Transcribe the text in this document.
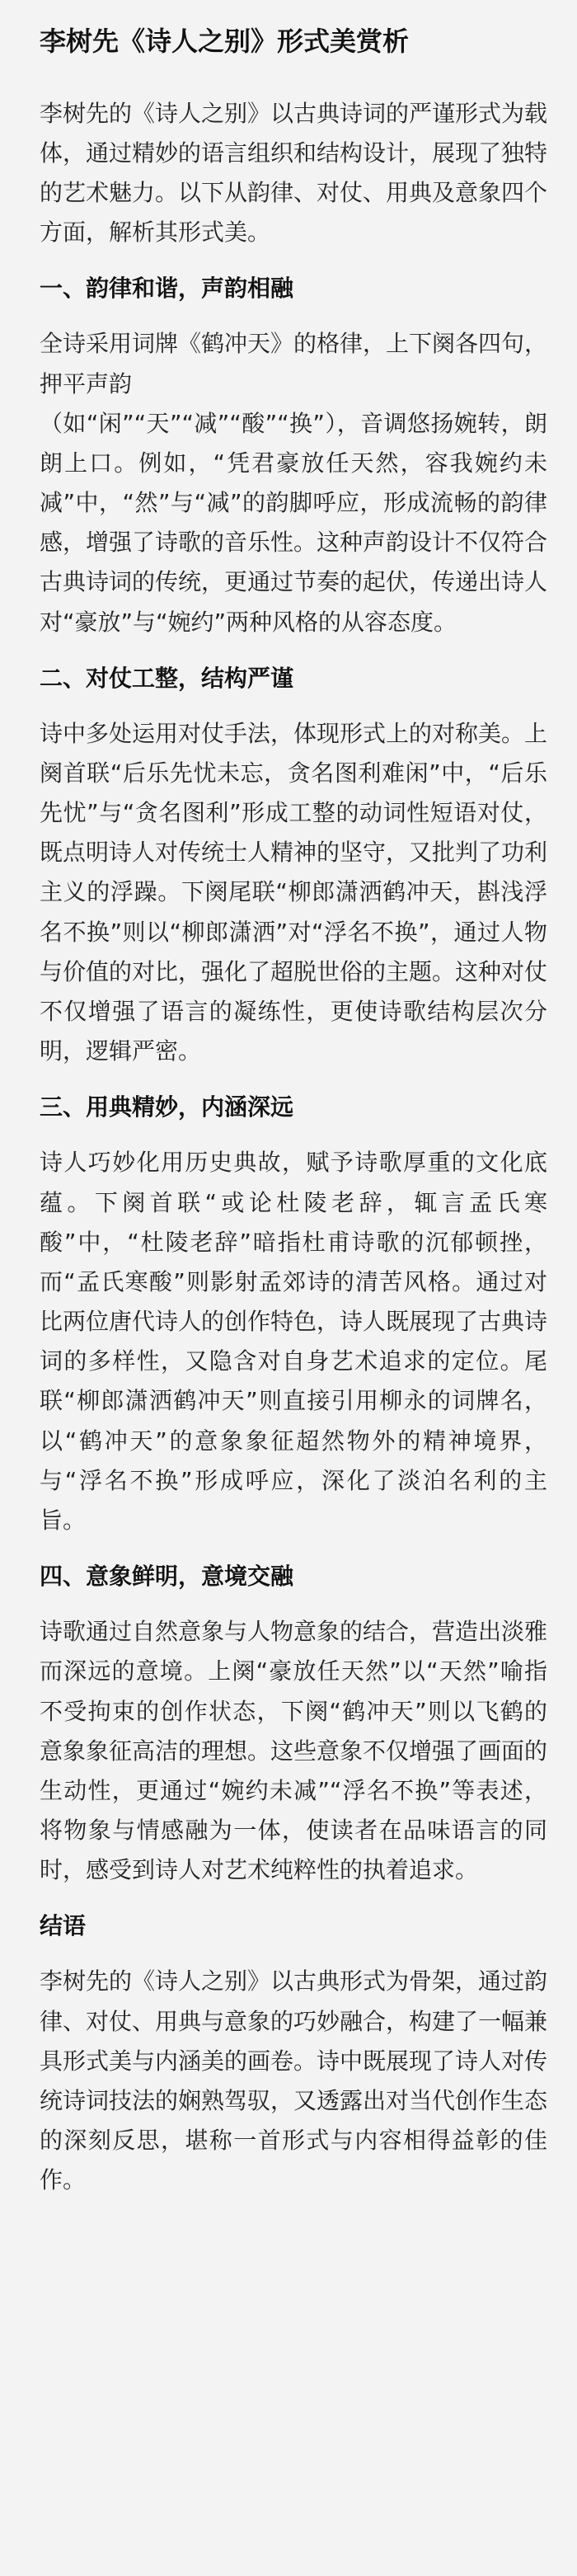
李树先《诗人之别》形式美赏析

李树先的《诗人之别》以古典诗词的严谨形式为载体，通过精妙的语言组织和结构设计，展现了独特的艺术魅力。以下从韵律、对仗、用典及意象四个方面，解析其形式美。

一、韵律和谐，声韵相融

全诗采用词牌《鹤冲天》的格律，上下阕各四句，押平声韵

（如“闲”“天”“减”“酸”“换”），音调悠扬婉转，朗朗上口。例如，“凭君豪放任天然，容我婉约未减”中，“然”与“减”的韵脚呼应，形成流畅的韵律感，增强了诗歌的音乐性。这种声韵设计不仅符合古典诗词的传统，更通过节奏的起伏，传递出诗人对“豪放”与“婉约”两种风格的从容态度。

二、对仗工整，结构严谨

诗中多处运用对仗手法，体现形式上的对称美。上阕首联“后乐先忧未忘，贪名图利难闲”中，“后乐先忧”与“贪名图利”形成工整的动词性短语对仗，既点明诗人对传统士人精神的坚守，又批判了功利主义的浮躁。下阕尾联“柳郎潇洒鹤冲天，斟浅浮名不换”则以“柳郎潇洒”对“浮名不换”，通过人物与价值的对比，强化了超脱世俗的主题。这种对仗不仅增强了语言的凝练性，更使诗歌结构层次分明，逻辑严密。

三、用典精妙，内涵深远

诗人巧妙化用历史典故，赋予诗歌厚重的文化底蕴。下阕首联“或论杜陵老辞，辄言孟氏寒酸”中，“杜陵老辞”暗指杜甫诗歌的沉郁顿挫，而“孟氏寒酸”则影射孟郊诗的清苦风格。通过对比两位唐代诗人的创作特色，诗人既展现了古典诗词的多样性，又隐含对自身艺术追求的定位。尾联“柳郎潇洒鹤冲天”则直接引用柳永的词牌名，以“鹤冲天”的意象象征超然物外的精神境界，与“浮名不换”形成呼应，深化了淡泊名利的主旨。

四、意象鲜明，意境交融

诗歌通过自然意象与人物意象的结合，营造出淡雅而深远的意境。上阕“豪放任天然”以“天然”喻指不受拘束的创作状态，下阕“鹤冲天”则以飞鹤的意象象征高洁的理想。这些意象不仅增强了画面的生动性，更通过“婉约未减”“浮名不换”等表述，将物象与情感融为一体，使读者在品味语言的同时，感受到诗人对艺术纯粹性的执着追求。

结语

李树先的《诗人之别》以古典形式为骨架，通过韵律、对仗、用典与意象的巧妙融合，构建了一幅兼具形式美与内涵美的画卷。诗中既展现了诗人对传统诗词技法的娴熟驾驭，又透露出对当代创作生态的深刻反思，堪称一首形式与内容相得益彰的佳作。
